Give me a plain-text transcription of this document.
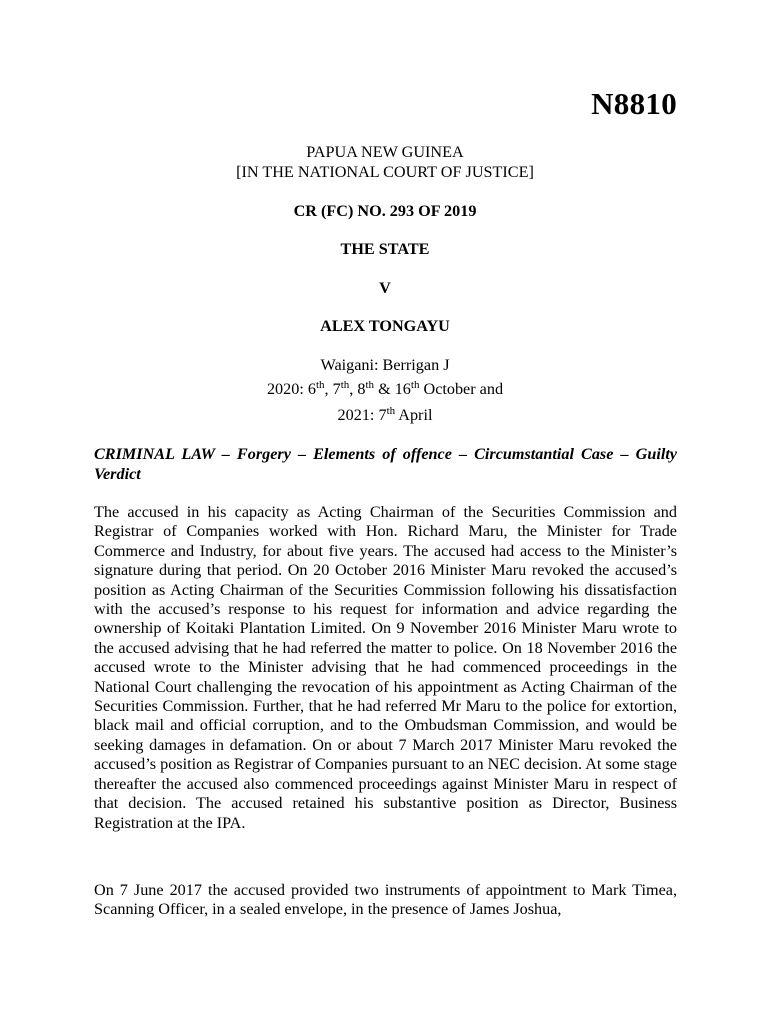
N8810
PAPUA NEW GUINEA
[IN THE NATIONAL COURT OF JUSTICE]
CR (FC) NO. 293 OF 2019
THE STATE
V
ALEX TONGAYU
Waigani: Berrigan J
2020: 6th, 7th, 8th & 16th October and
2021: 7th April
CRIMINAL LAW – Forgery – Elements of offence – Circumstantial Case – Guilty Verdict
The accused in his capacity as Acting Chairman of the Securities Commission and Registrar of Companies worked with Hon. Richard Maru, the Minister for Trade Commerce and Industry, for about five years. The accused had access to the Minister’s signature during that period. On 20 October 2016 Minister Maru revoked the accused’s position as Acting Chairman of the Securities Commission following his dissatisfaction with the accused’s response to his request for information and advice regarding the ownership of Koitaki Plantation Limited. On 9 November 2016 Minister Maru wrote to the accused advising that he had referred the matter to police. On 18 November 2016 the accused wrote to the Minister advising that he had commenced proceedings in the National Court challenging the revocation of his appointment as Acting Chairman of the Securities Commission. Further, that he had referred Mr Maru to the police for extortion, black mail and official corruption, and to the Ombudsman Commission, and would be seeking damages in defamation. On or about 7 March 2017 Minister Maru revoked the accused’s position as Registrar of Companies pursuant to an NEC decision. At some stage thereafter the accused also commenced proceedings against Minister Maru in respect of that decision. The accused retained his substantive position as Director, Business Registration at the IPA.
On 7 June 2017 the accused provided two instruments of appointment to Mark Timea, Scanning Officer, in a sealed envelope, in the presence of James Joshua,
